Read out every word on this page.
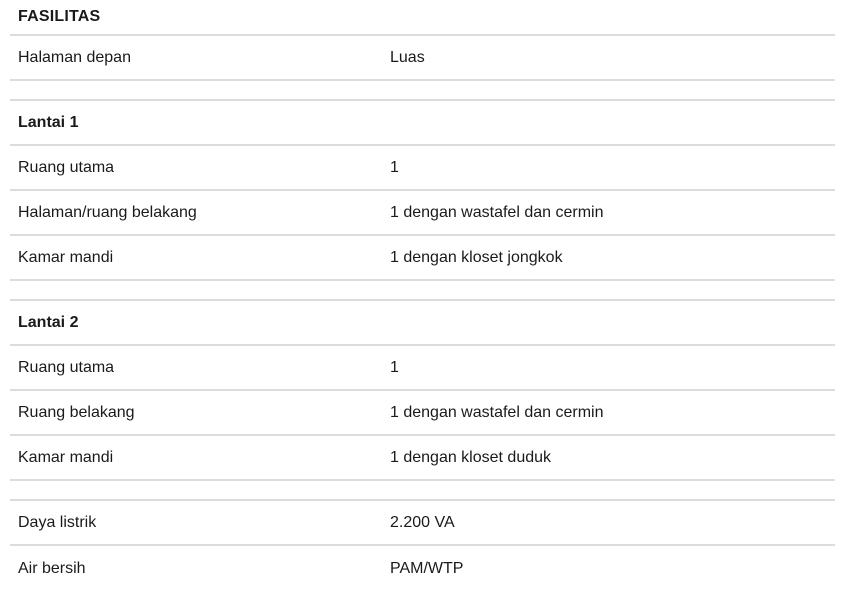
FASILITAS
Halaman depan	Luas
Lantai 1
Ruang utama	1
Halaman/ruang belakang	1 dengan wastafel dan cermin
Kamar mandi	1 dengan kloset jongkok
Lantai 2
Ruang utama	1
Ruang belakang	1 dengan wastafel dan cermin
Kamar mandi	1 dengan kloset duduk
Daya listrik	2.200 VA
Air bersih	PAM/WTP
